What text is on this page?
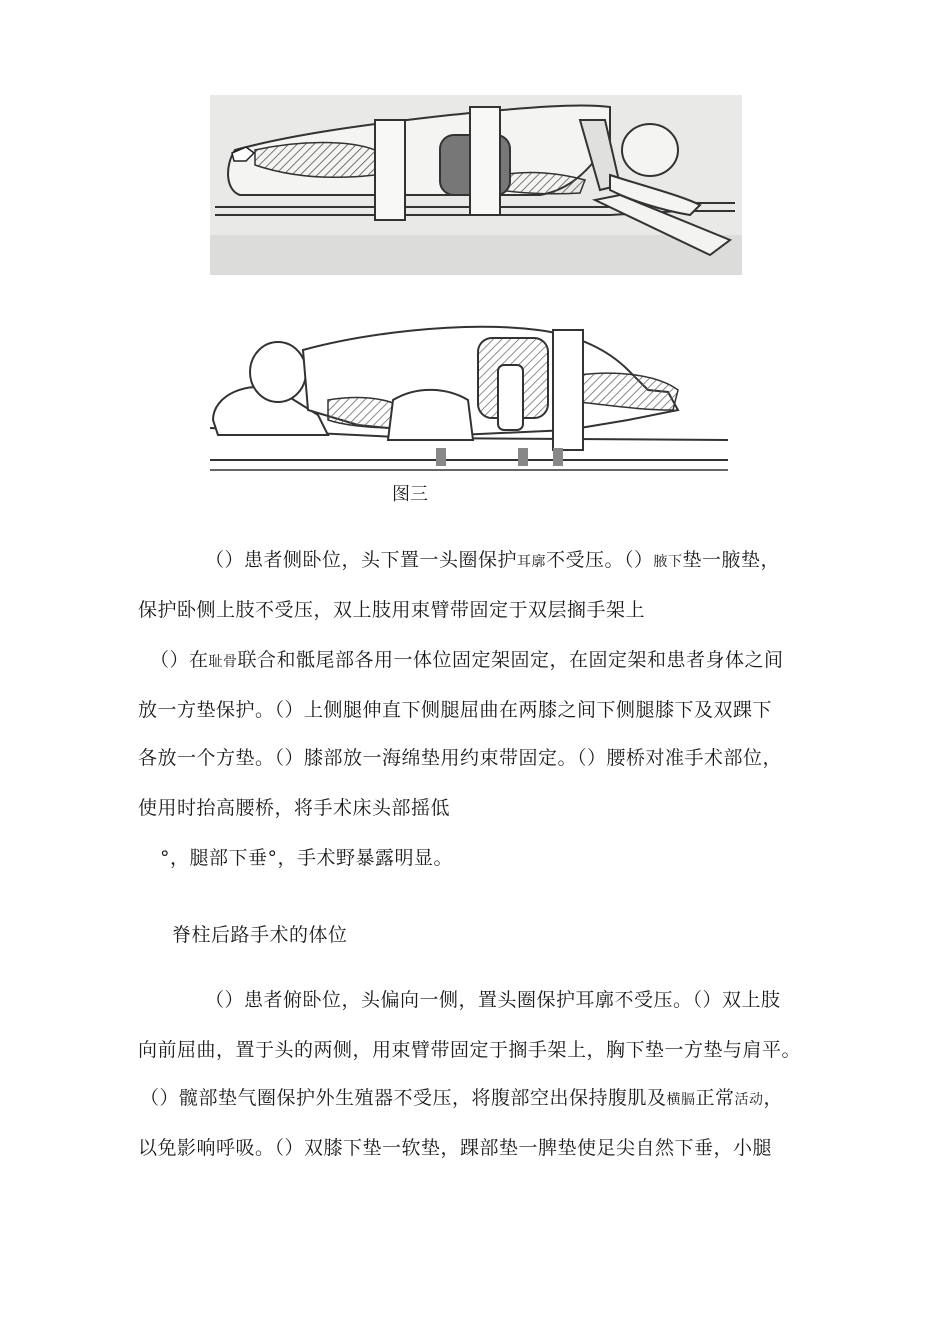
图三
（）患者侧卧位，头下置一头圈保护耳廓不受压。（）腋下垫一腋垫，
保护卧侧上肢不受压，双上肢用束臂带固定于双层搁手架上
（）在耻骨联合和骶尾部各用一体位固定架固定，在固定架和患者身体之间
放一方垫保护。（）上侧腿伸直下侧腿屈曲在两膝之间下侧腿膝下及双踝下
各放一个方垫。（）膝部放一海绵垫用约束带固定。（）腰桥对准手术部位，
使用时抬高腰桥，将手术床头部摇低
°，腿部下垂°，手术野暴露明显。
脊柱后路手术的体位
（）患者俯卧位，头偏向一侧，置头圈保护耳廓不受压。（）双上肢
向前屈曲，置于头的两侧，用束臂带固定于搁手架上，胸下垫一方垫与肩平。
（）髋部垫气圈保护外生殖器不受压，将腹部空出保持腹肌及横膈正常活动，
以免影响呼吸。（）双膝下垫一软垫，踝部垫一脾垫使足尖自然下垂，小腿
